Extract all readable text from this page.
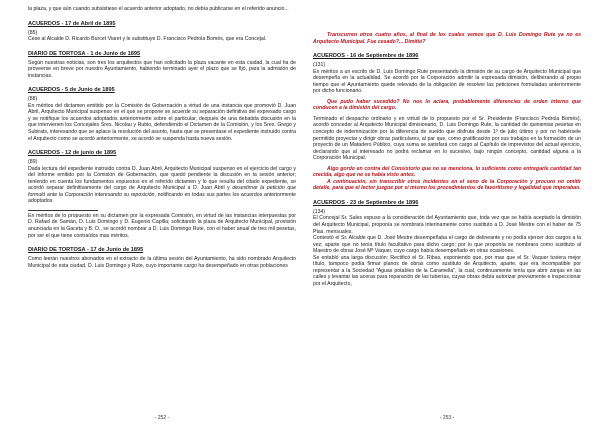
la plaza, y que aún cuando subsistiese el acuerdo anterior adoptado, no debía publicarse en el referido anuncio...

ACUERDOS - 17 de Abril de 1895

(85)

Cese al Alcalde D. Ricardo Burcet Viaret y le substituye D. Francisco Pedrola Bomés, que era Concejal.

DIARIO DE TORTOSA - 1 de Junio de 1895

Según nuestras noticias, son tres los arquitectos que han solicitado la plaza vacante en esta ciudad, la cual ha de proveerse en breve por nuestro Ayuntamiento, habiendo terminado ayer el plazo que se fijó, para la admisión de instancias.

ACUERDOS - 5 de Junio de 1895

(88)

En méritos del dictamen emitido por la Comisión de Gobernación a virtud de una instancia que promovió D. Juan Abril, Arquitecto Municipal suspenso en el que se propone se acuerde su separación definitiva del expresado cargo y se notifique los acuerdos adoptados anteriormente sobre el particular, después de una debatida discusión en la que intervienen los Concejales Sres. Nicolau y Rubio, defendiendo el Dictamen de la Comisión, y los Sres. Grego y Subirats, interesando que se aplace la resolución del asunto, hasta que se presentase el expediente instruido contra el Arquitecto como se acordó anteriormente, se acordó se suspenda hasta nueva sesión.

ACUERDOS - 12 de junio de 1895

(89)

Dada lectura del expediente instruido contra D. Juan Abril, Arquitecto Municipal suspenso en el ejercicio del cargo y del informe emitido por la Comisión de Gobernación, que quedó pendiente la discusión en la sesión anterior; teniendo en cuenta los fundamentos expuestos en el referido dictamen y lo que resulta del citado expediente, se acordó separar definitivamente del cargo de Arquitecto Municipal a D. Juan Abril y desestimar la petición que formuló ante la Corporación interesando su reposición, notificando en todas sus partes los acuerdos anteriormente adoptados.

En méritos de lo propuesto en su dictamen por la expresada Comisión, en virtud de las instancias interpuestas por D. Rafael de Samán, D. Luis Domingo y D. Eugenio Capilla; solicitando la plaza de Arquitecto Municipal, provisión anunciada en la Gaceta y B. O., se acordó nombrar a D. Luis Domingo Rute, con el haber anual de tres mil pesetas, por ser el que tiene contraídos mas méritos.

DIARIO DE TORTOSA - 17 de Junio de 1895

Como leerán nuestros abonados en el extracto de la última sesión del Ayuntamiento, ha sido nombrado Arquitecto Municipal de esta ciudad, D. Luis Domingo y Rute, cuyo importante cargo ha desempeñado en otras poblaciones

- 252 -

Transcurren otros cuatro años, al final de los cuales vemos que D. Luis Domingo Rute ya no es Arquitecto Municipal. Fue cesado?... Dimitió?

ACUERDOS - 16 de Septiembre de 1896

(131)

En méritos a un escrito de D. Luis Domingo Rute presentando la dimisión de su cargo de Arquitecto Municipal que desempeña en la actualidad. Se acordó por la Corporación admitir la expresada dimisión, deliberando al propio tiempo que el Ayuntamiento quede relevado de la obligación de resolver las peticiones formuladas anteriormente por dicho funcionario.

Que pudo haber sucedido? No nos lo aclara, probablemente diferencias de orden interno que conducen a la dimisión del cargo.

Terminado el despacho ordinario y en virtud de lo propuesto por el Sr. Presidente (Francisco Pedrola Bomés), acordó conceder al Arquitecto Municipal dimisionario, D. Luis Domingo Rute, la cantidad de quinientas pesetas en concepto de indemnización por la diferencia de sueldo que disfruta desde 1º de julio último y por no habérsele permitido proyectar y dirigir obras particulares, al par que, como gratificación por sus trabajos en la formación de un proyecto de un Matadero Público, cuya suma se satisfará con cargo al Capítulo de imprevistos del actual ejercicio, declarando que al interesado no podrá reclamar en lo sucesivo, bajo ningún concepto, cantidad alguna a la Corporación Municipal.

Algo gordo en contra del Consistorio que no se menciona, lo suficiente como entregarle cantidad tan crecida, algo que no se había visto antes.

A continuación, sin transcribir otros incidentes en el seno de la Corporación y procuro no omitir detalle, para que el lector juzgue por sí mismo los procedimientos de favoritismo y legalidad que imperaban.

ACUERDOS - 23 de Septiembre de 1896

(134)

El Concejal Sr. Sales expuso a la consideración del Ayuntamiento que, toda vez que se había aceptado la dimisión del Arquitecto Municipal, proponía se nombrara interinamente como sustituto a D. José Mestre con el haber de 75 Ptas. mensuales.

Contestó el Sr. Alcalde que D. José Mestre desempeñaba el cargo de delineante y no podía ejercer dos cargos a la vez; aparte que no tenía título facultativo para dicho cargo; por lo que proponía se nombrara como sustituto al Maestro de obras José Mª Vaquer, cuyo cargo había desempeñado en otras ocasiones.

Se entabló una larga discusión: Rectificó el Sr. Ribas, exponiendo que, por mas que el Sr. Vaquer tuviera mejor título, tampoco podía firmar planos de obras como sustituto de Arquitecto, aparte, que era incompatible por representar a la Sociedad "Aguas potables de la Caramella", la cual, continuamente tenía que abrir zanjas en las calles y levantar las aceras para reparación de las tuberías, cuyas obras debía autorizar previamente e inspeccionar por el Arquitecto,

- 253 -
